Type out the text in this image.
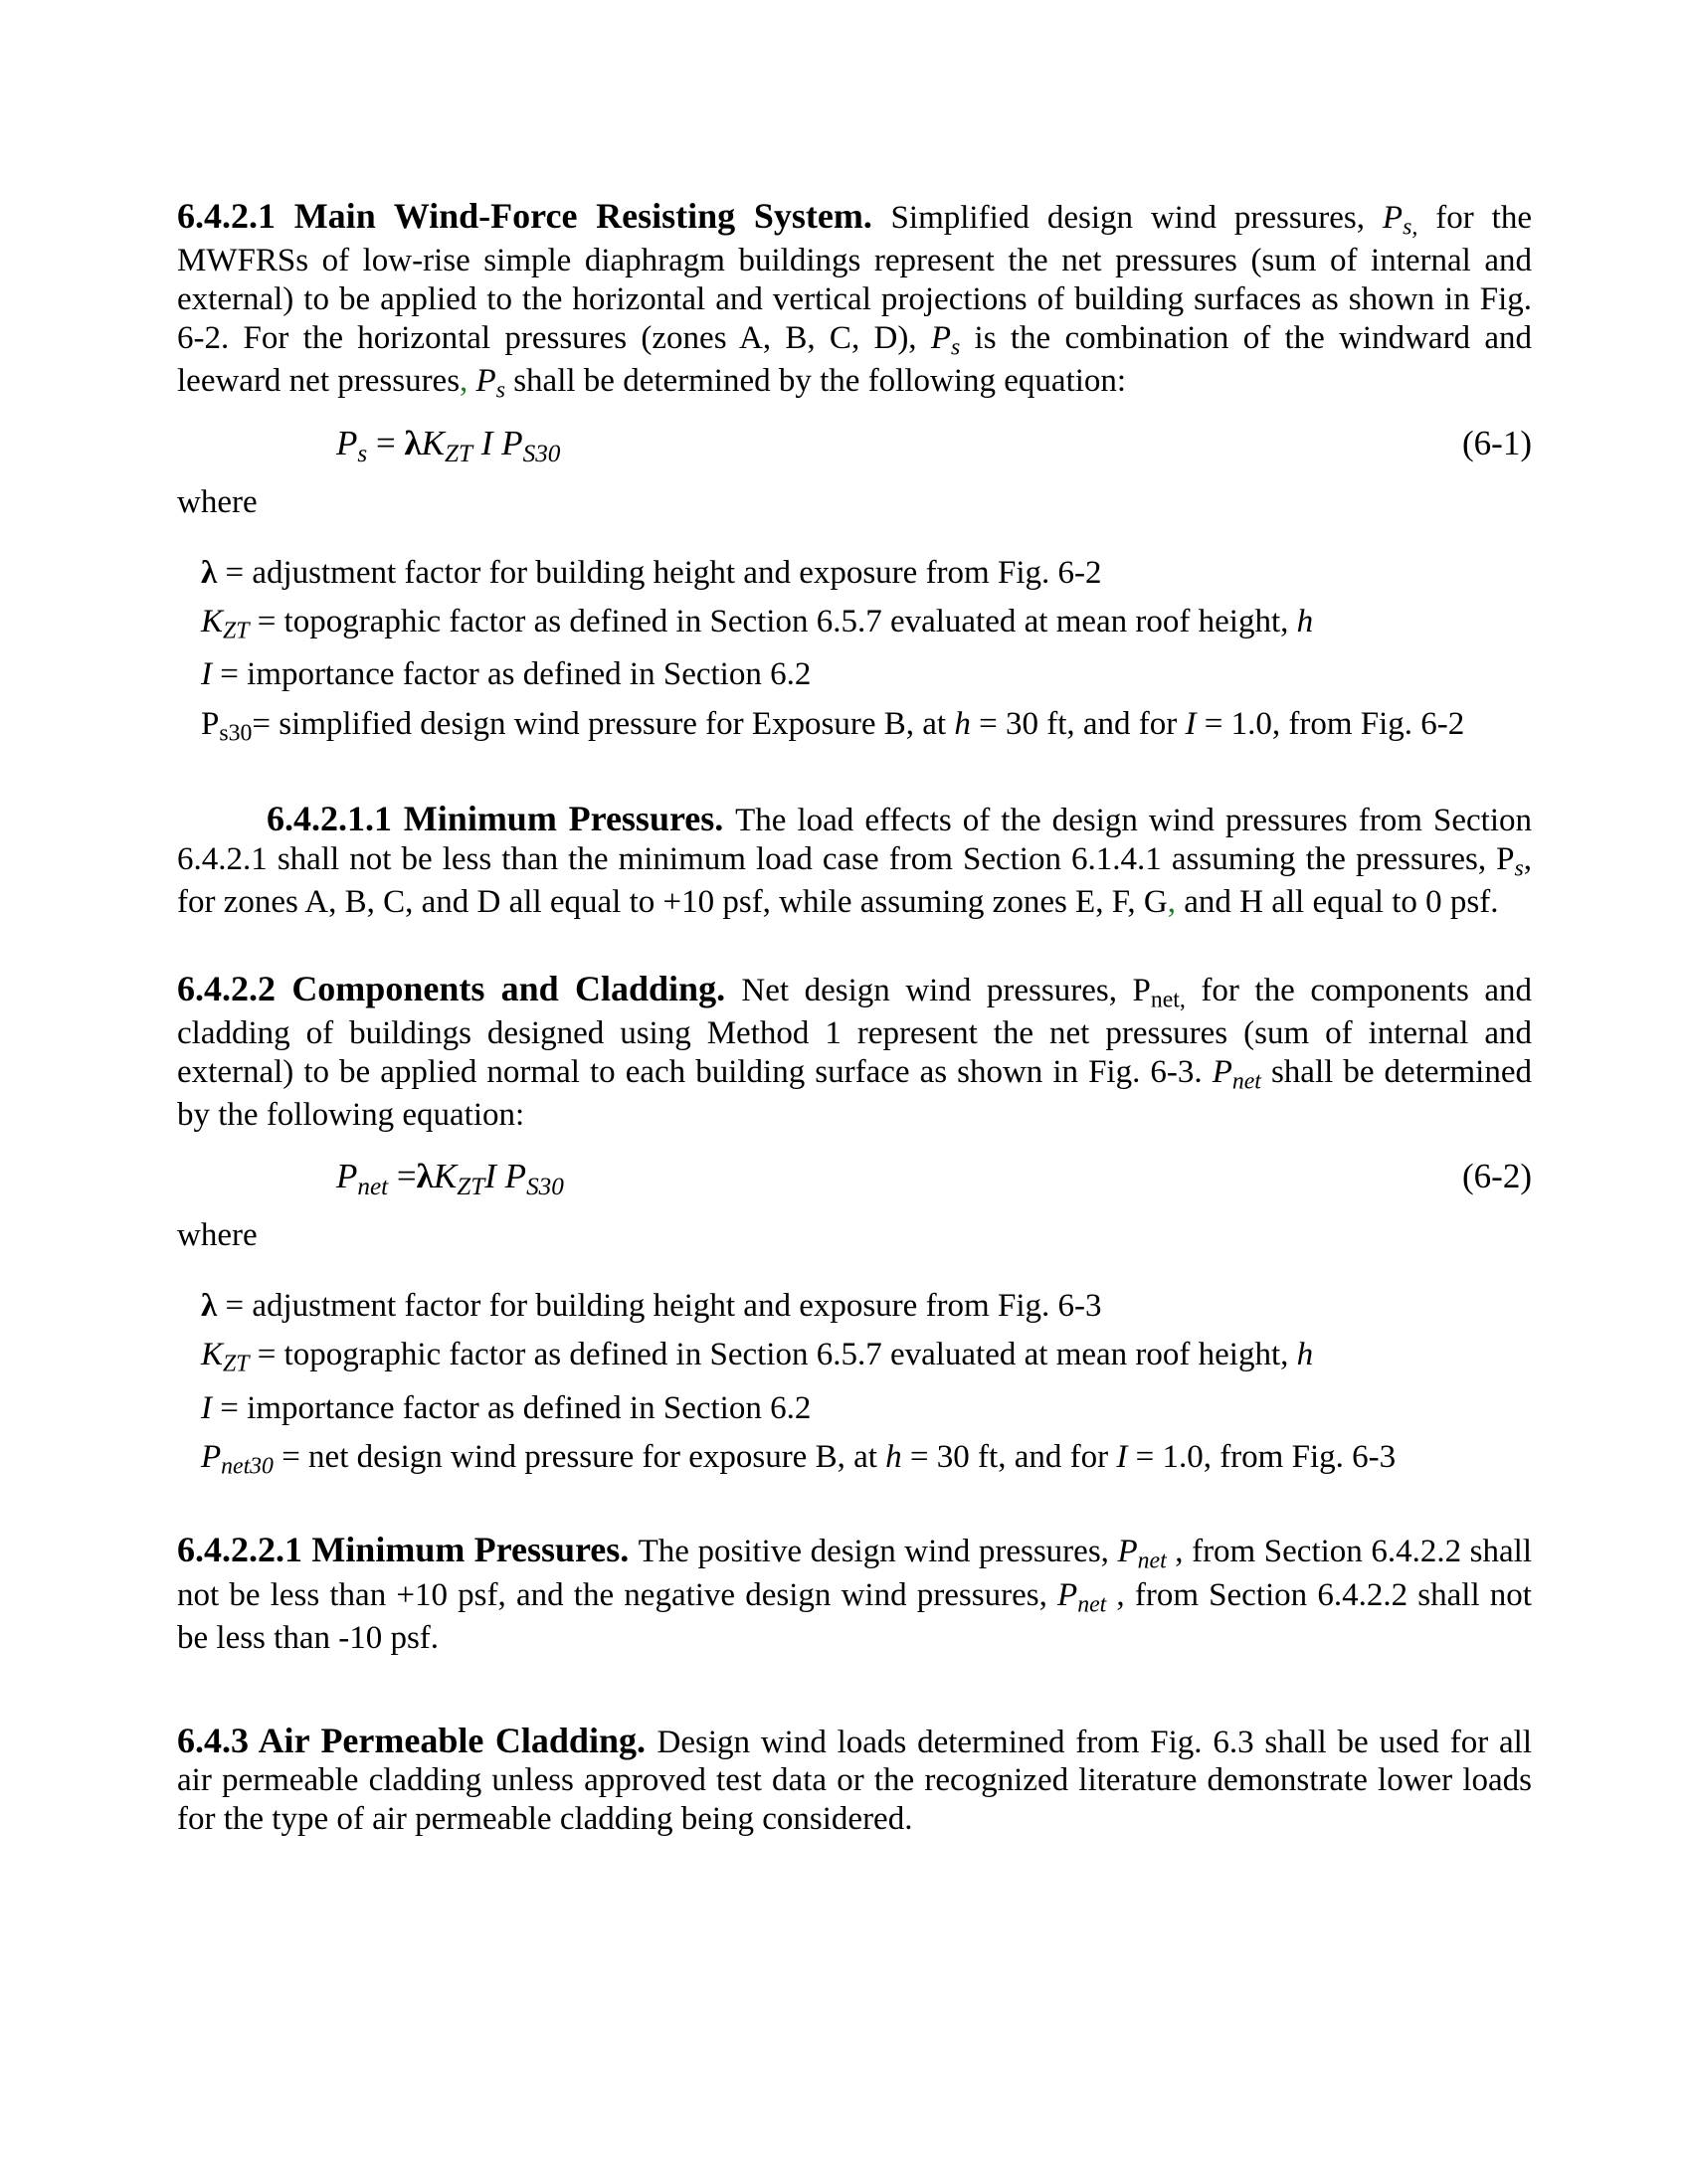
6.4.2.1 Main Wind-Force Resisting System. Simplified design wind pressures, $P_{s,}$ for the MWFRSs of low-rise simple diaphragm buildings represent the net pressures (sum of internal and external) to be applied to the horizontal and vertical projections of building surfaces as shown in Fig. 6-2. For the horizontal pressures (zones A, B, C, D), $P_s$ is the combination of the windward and leeward net pressures, $P_s$ shall be determined by the following equation:

$P_s = \lambda K_{ZT}$ I $P_{S30}$	(6-1)

where

λ = adjustment factor for building height and exposure from Fig. 6-2
$K_{ZT}$ = topographic factor as defined in Section 6.5.7 evaluated at mean roof height, h
I = importance factor as defined in Section 6.2
$P_{s30}=$ simplified design wind pressure for Exposure B, at h = 30 ft, and for I = 1.0, from Fig. 6-2

6.4.2.1.1 Minimum Pressures. The load effects of the design wind pressures from Section 6.4.2.1 shall not be less than the minimum load case from Section 6.1.4.1 assuming the pressures, $P_s$, for zones A, B, C, and D all equal to +10 psf, while assuming zones E, F, G, and H all equal to 0 psf.

6.4.2.2 Components and Cladding. Net design wind pressures, $P_{net,}$ for the components and cladding of buildings designed using Method 1 represent the net pressures (sum of internal and external) to be applied normal to each building surface as shown in Fig. 6-3. $P_{net}$ shall be determined by the following equation:

$P_{net} =\lambda K_{ZT}I$ $P_{S30}$	(6-2)

where

λ = adjustment factor for building height and exposure from Fig. 6-3
$K_{ZT}$ = topographic factor as defined in Section 6.5.7 evaluated at mean roof height, h
I = importance factor as defined in Section 6.2
$P_{net30}$ = net design wind pressure for exposure B, at h = 30 ft, and for I = 1.0, from Fig. 6-3

6.4.2.2.1 Minimum Pressures. The positive design wind pressures, $P_{net}$ , from Section 6.4.2.2 shall not be less than +10 psf, and the negative design wind pressures, $P_{net}$ , from Section 6.4.2.2 shall not be less than -10 psf.

6.4.3 Air Permeable Cladding. Design wind loads determined from Fig. 6.3 shall be used for all air permeable cladding unless approved test data or the recognized literature demonstrate lower loads for the type of air permeable cladding being considered.
